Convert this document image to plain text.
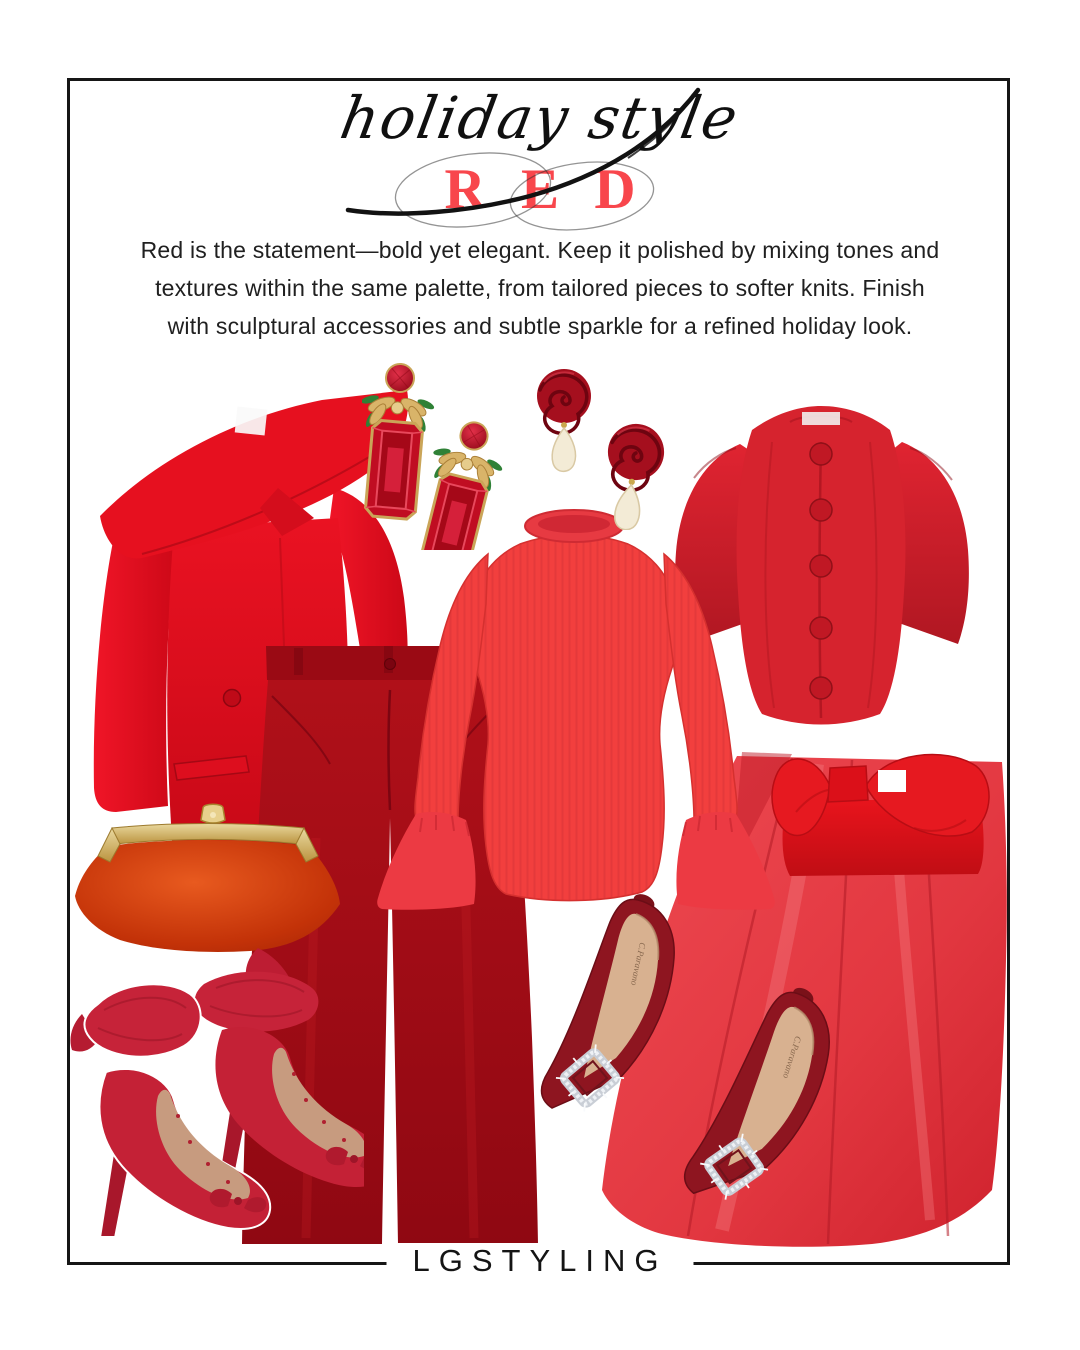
holiday style
RED
Red is the statement—bold yet elegant. Keep it polished by mixing tones and
textures within the same palette, from tailored pieces to softer knits. Finish
with sculptural accessories and subtle sparkle for a refined holiday look.
LGSTYLING
